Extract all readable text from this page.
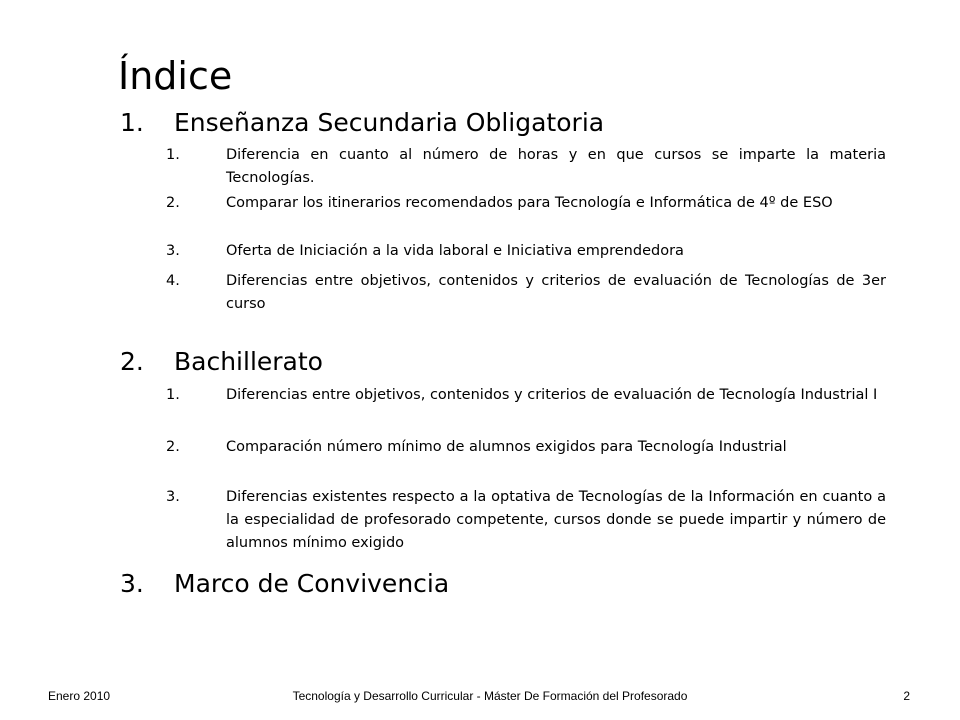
Índice
1.	Enseñanza Secundaria Obligatoria
1.	Diferencia en cuanto al número de horas y en que cursos se imparte la materia Tecnologías.
2.	Comparar los itinerarios recomendados para Tecnología e Informática de 4º de ESO
3.	Oferta de Iniciación a la vida laboral e Iniciativa emprendedora
4.	Diferencias entre objetivos, contenidos y criterios de evaluación de Tecnologías de 3er curso
2.	Bachillerato
1.	Diferencias entre objetivos, contenidos y criterios de evaluación de Tecnología Industrial I
2.	Comparación número mínimo de alumnos exigidos para Tecnología Industrial
3.	Diferencias existentes respecto a la optativa de Tecnologías de la Información en cuanto a la especialidad de profesorado competente, cursos donde se puede impartir y número de alumnos mínimo exigido
3.	Marco de Convivencia
Enero 2010	Tecnología y Desarrollo Curricular - Máster De Formación del Profesorado	2
